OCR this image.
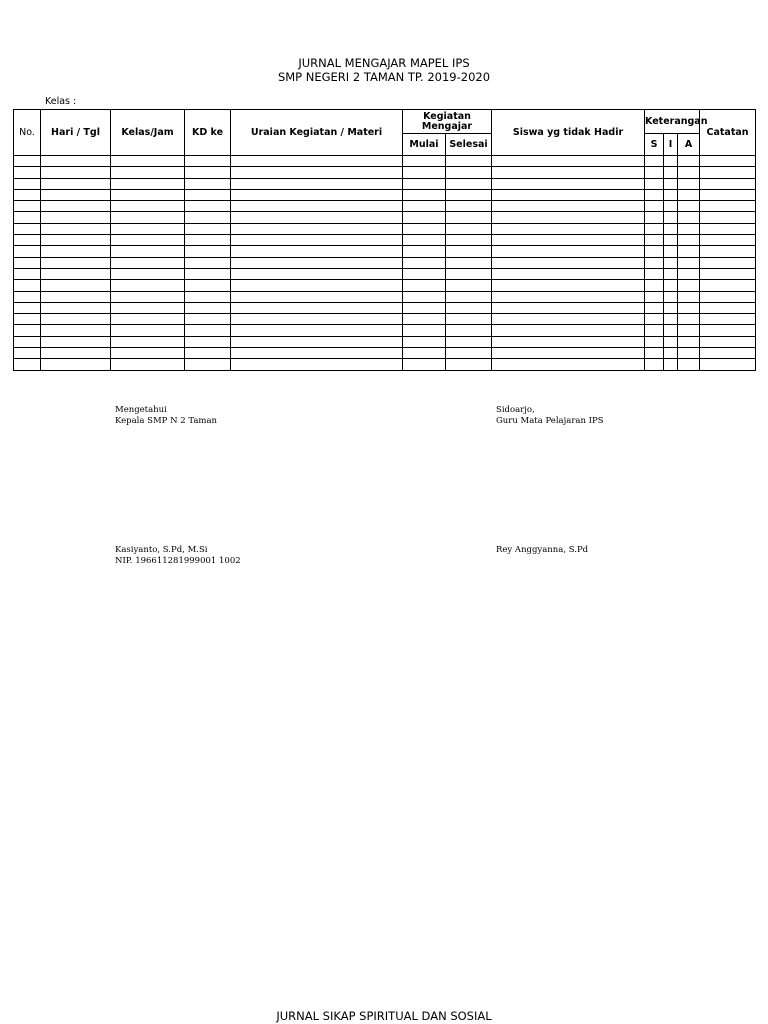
JURNAL MENGAJAR MAPEL IPS
SMP NEGERI 2 TAMAN TP. 2019-2020
Kelas :
No.	Hari / Tgl	Kelas/Jam	KD ke	Uraian Kegiatan / Materi	Kegiatan Mengajar		Siswa yg tidak Hadir	Keterangan			Catatan
					Mulai	Selesai		S	I	A	

Mengetahui
Kepala SMP N 2 Taman
Sidoarjo,
Guru Mata Pelajaran IPS
Kasiyanto, S.Pd, M.Si
NIP. 196611281999001 1002
Rey Anggyanna, S.Pd
JURNAL SIKAP SPIRITUAL DAN SOSIAL
